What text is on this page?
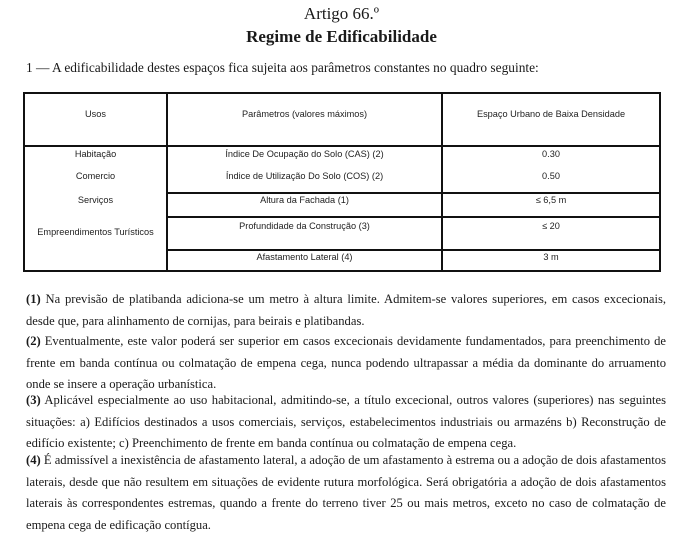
Artigo 66.º
Regime de Edificabilidade
1 — A edificabilidade destes espaços fica sujeita aos parâmetros constantes no quadro seguinte:
Usos	Parâmetros (valores máximos)	Espaço Urbano de Baixa Densidade
Habitação
Comercio
Serviços
Empreendimentos Turísticos
Índice De Ocupação do Solo (CAS) (2)
Índice de Utilização Do Solo (COS) (2)
Altura da Fachada (1)
Profundidade da Construção (3)
Afastamento Lateral (4)
0.30
0.50
≤ 6,5 m
≤ 20
3 m
(1) Na previsão de platibanda adiciona-se um metro à altura limite. Admitem-se valores superiores, em casos excecionais, desde que, para alinhamento de cornijas, para beirais e platibandas.
(2) Eventualmente, este valor poderá ser superior em casos excecionais devidamente fundamentados, para preenchimento de frente em banda contínua ou colmatação de empena cega, nunca podendo ultrapassar a média da dominante do arruamento onde se insere a operação urbanística.
(3) Aplicável especialmente ao uso habitacional, admitindo-se, a título excecional, outros valores (superiores) nas seguintes situações: a) Edifícios destinados a usos comerciais, serviços, estabelecimentos industriais ou armazéns b) Reconstrução de edifício existente; c) Preenchimento de frente em banda contínua ou colmatação de empena cega.
(4) É admissível a inexistência de afastamento lateral, a adoção de um afastamento à estrema ou a adoção de dois afastamentos laterais, desde que não resultem em situações de evidente rutura morfológica. Será obrigatória a adoção de dois afastamentos laterais às correspondentes estremas, quando a frente do terreno tiver 25 ou mais metros, exceto no caso de colmatação de empena cega de edificação contígua.
